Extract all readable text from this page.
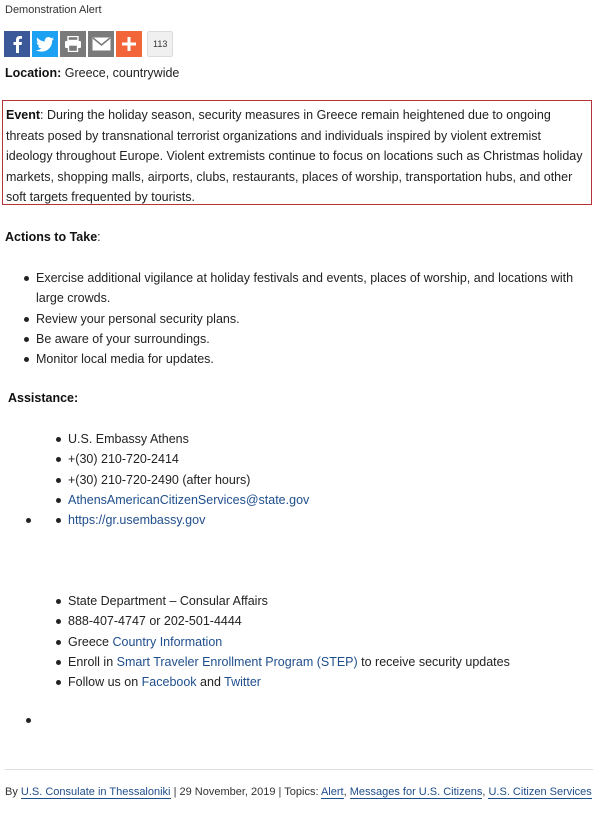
Demonstration Alert
113
Location: Greece, countrywide
Event: During the holiday season, security measures in Greece remain heightened due to ongoing threats posed by transnational terrorist organizations and individuals inspired by violent extremist ideology throughout Europe. Violent extremists continue to focus on locations such as Christmas holiday markets, shopping malls, airports, clubs, restaurants, places of worship, transportation hubs, and other soft targets frequented by tourists.
Actions to Take:
Exercise additional vigilance at holiday festivals and events, places of worship, and locations with large crowds.
Review your personal security plans.
Be aware of your surroundings.
Monitor local media for updates.
Assistance:
U.S. Embassy Athens
+(30) 210-720-2414
+(30) 210-720-2490 (after hours)
AthensAmericanCitizenServices@state.gov
https://gr.usembassy.gov
State Department – Consular Affairs
888-407-4747 or 202-501-4444
Greece Country Information
Enroll in Smart Traveler Enrollment Program (STEP) to receive security updates
Follow us on Facebook and Twitter
By U.S. Consulate in Thessaloniki | 29 November, 2019 | Topics: Alert, Messages for U.S. Citizens, U.S. Citizen Services
